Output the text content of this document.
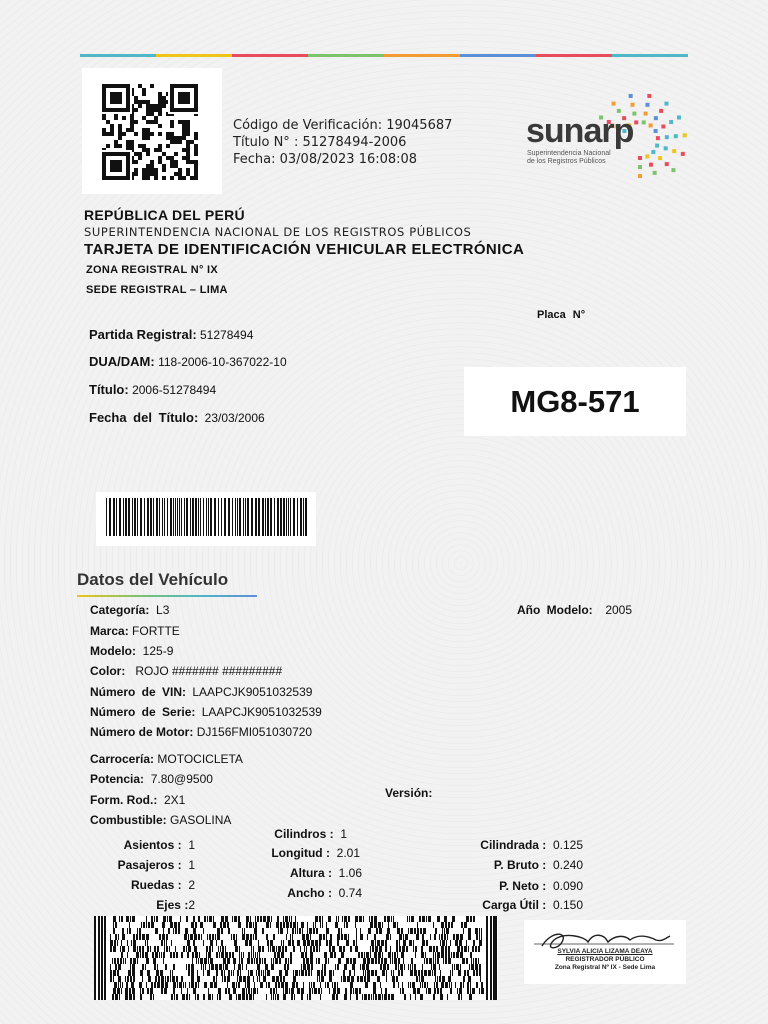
Código de Verificación: 19045687
Título N° : 51278494-2006
Fecha: 03/08/2023 16:08:08
sunarp
Superintendencia Nacional
de los Registros Públicos
REPÚBLICA DEL PERÚ
SUPERINTENDENCIA NACIONAL DE LOS REGISTROS PÚBLICOS
TARJETA DE IDENTIFICACIÓN VEHICULAR ELECTRÓNICA
ZONA REGISTRAL N° IX
SEDE REGISTRAL – LIMA
Placa N°
MG8-571
Partida Registral: 51278494
DUA/DAM: 118-2006-10-367022-10
Título: 2006-51278494
Fecha del Título: 23/03/2006
Datos del Vehículo
Categoría: L3	Año Modelo: 2005
Marca: FORTTE
Modelo: 125-9
Color: ROJO ####### #########
Número de VIN: LAAPCJK9051032539
Número de Serie: LAAPCJK9051032539
Número de Motor: DJ156FMI051030720
Carrocería: MOTOCICLETA
Potencia: 7.80@9500
Versión:
Form. Rod.: 2X1
Combustible: GASOLINA
Asientos : 1
Pasajeros : 1
Ruedas : 2
Ejes :2
Cilindros : 1
Longitud : 2.01
Altura : 1.06
Ancho : 0.74
Cilindrada : 0.125
P. Bruto : 0.240
P. Neto : 0.090
Carga Útil : 0.150
SYLVIA ALICIA LIZAMA DEAYA
REGISTRADOR PÚBLICO
Zona Registral Nº IX - Sede Lima
